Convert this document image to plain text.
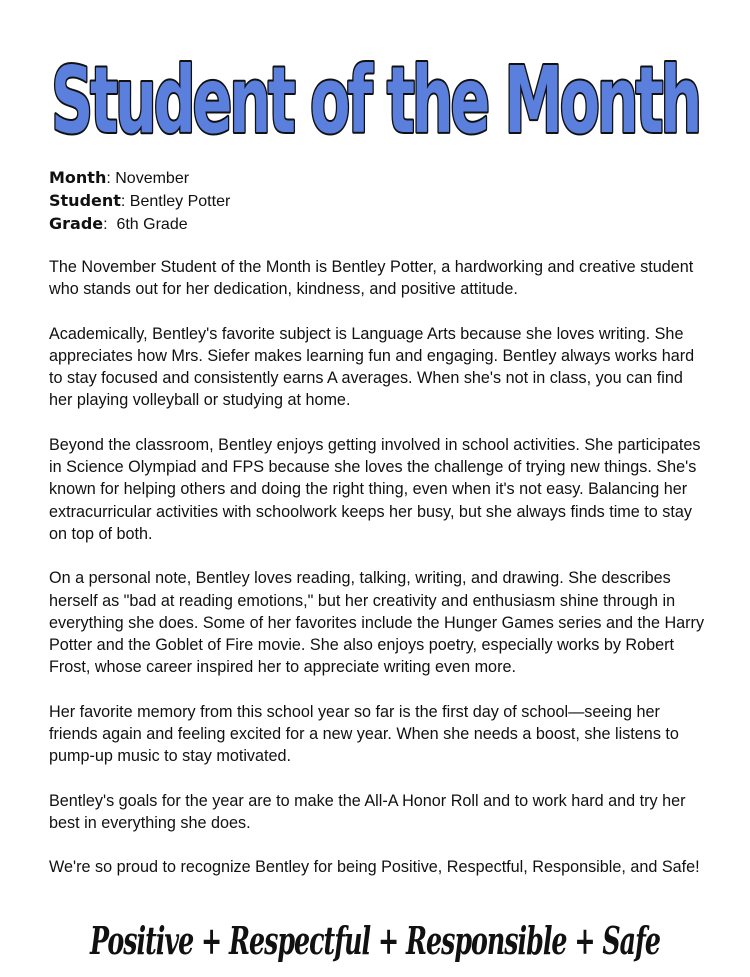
Student of the Month
Month: November
Student: Bentley Potter
Grade:  6th Grade

The November Student of the Month is Bentley Potter, a hardworking and creative student who stands out for her dedication, kindness, and positive attitude.

Academically, Bentley's favorite subject is Language Arts because she loves writing. She appreciates how Mrs. Siefer makes learning fun and engaging. Bentley always works hard to stay focused and consistently earns A averages. When she's not in class, you can find her playing volleyball or studying at home.

Beyond the classroom, Bentley enjoys getting involved in school activities. She participates in Science Olympiad and FPS because she loves the challenge of trying new things. She's known for helping others and doing the right thing, even when it's not easy. Balancing her extracurricular activities with schoolwork keeps her busy, but she always finds time to stay on top of both.

On a personal note, Bentley loves reading, talking, writing, and drawing. She describes herself as "bad at reading emotions," but her creativity and enthusiasm shine through in everything she does. Some of her favorites include the Hunger Games series and the Harry Potter and the Goblet of Fire movie. She also enjoys poetry, especially works by Robert Frost, whose career inspired her to appreciate writing even more.

Her favorite memory from this school year so far is the first day of school—seeing her friends again and feeling excited for a new year. When she needs a boost, she listens to pump-up music to stay motivated.

Bentley's goals for the year are to make the All-A Honor Roll and to work hard and try her best in everything she does.

We're so proud to recognize Bentley for being Positive, Respectful, Responsible, and Safe!

Positive + Respectful + Responsible + Safe
